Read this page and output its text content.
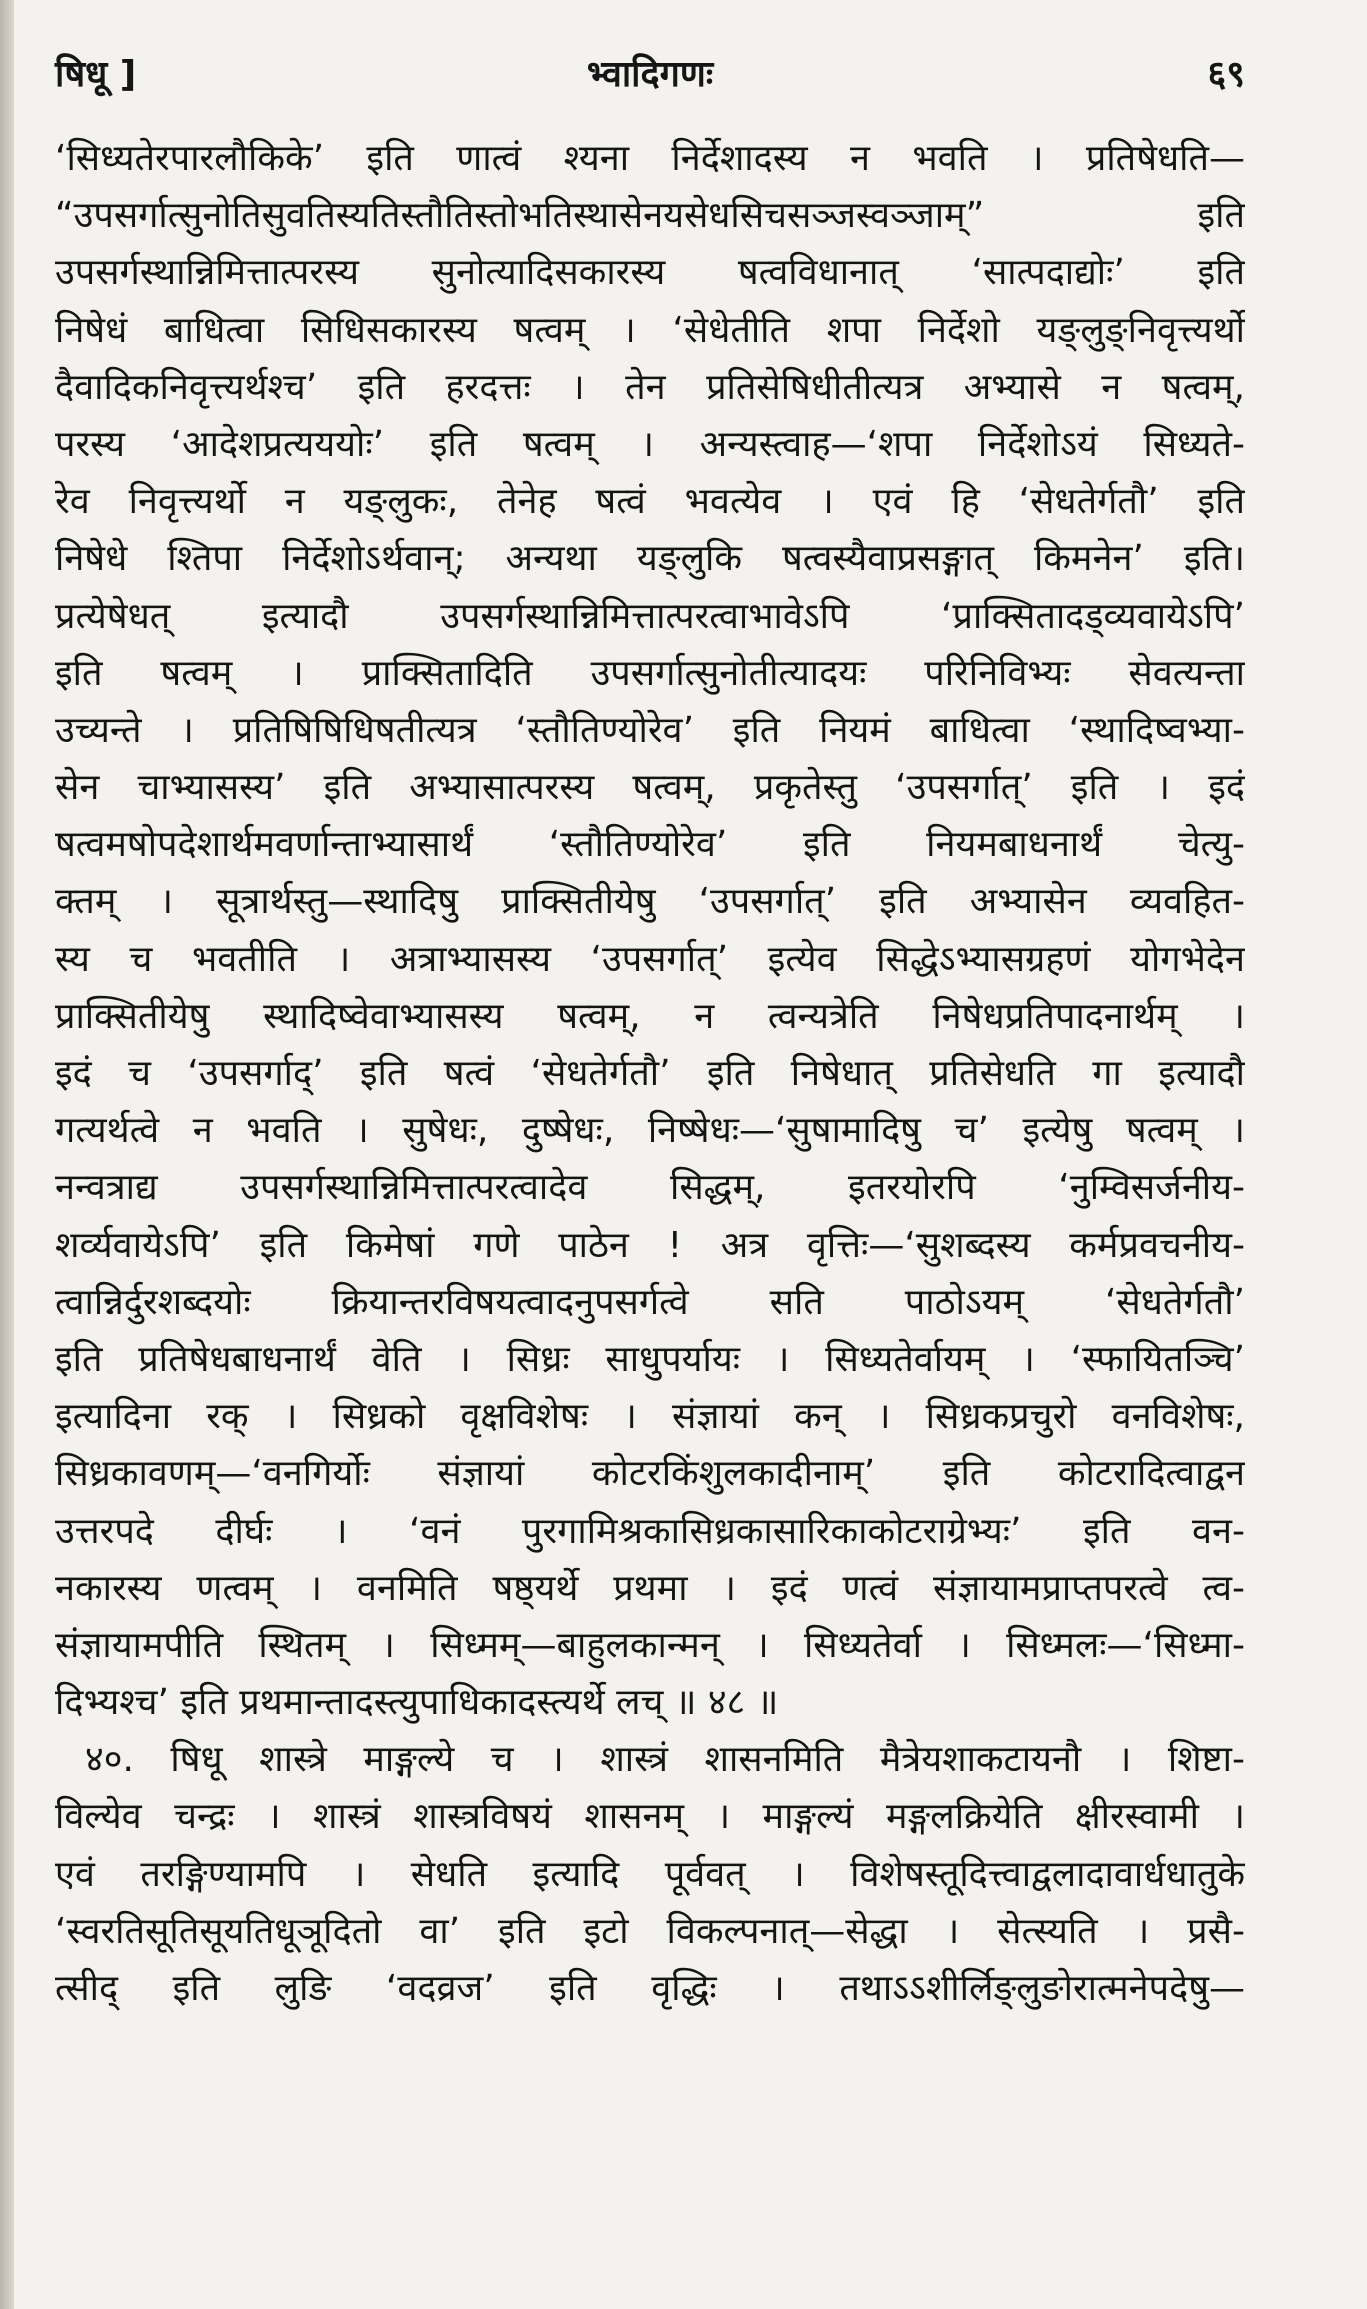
षिधू ]	भ्वादिगणः	६९
‘सिध्यतेरपारलौकिके’ इति णात्वं श्यना निर्देशादस्य न भवति । प्रतिषेधति—
“उपसर्गात्सुनोतिसुवतिस्यतिस्तौतिस्तोभतिस्थासेनयसेधसिचसञ्जस्वञ्जाम्” इति
उपसर्गस्थान्निमित्तात्परस्य सुनोत्यादिसकारस्य षत्वविधानात् ‘सात्पदाद्योः’ इति
निषेधं बाधित्वा सिधिसकारस्य षत्वम् । ‘सेधेतीति शपा निर्देशो यङ्लुङ्निवृत्त्यर्थो
दैवादिकनिवृत्त्यर्थश्च’ इति हरदत्तः । तेन प्रतिसेषिधीतीत्यत्र अभ्यासे न षत्वम्,
परस्य ‘आदेशप्रत्यययोः’ इति षत्वम् । अन्यस्त्वाह—‘शपा निर्देशोऽयं सिध्यते-
रेव निवृत्त्यर्थो न यङ्लुकः, तेनेह षत्वं भवत्येव । एवं हि ‘सेधतेर्गतौ’ इति
निषेधे श्तिपा निर्देशोऽर्थवान्; अन्यथा यङ्लुकि षत्वस्यैवाप्रसङ्गात् किमनेन’ इति।
प्रत्येषेधत् इत्यादौ उपसर्गस्थान्निमित्तात्परत्वाभावेऽपि ‘प्राक्सितादड्व्यवायेऽपि’
इति षत्वम् । प्राक्सितादिति उपसर्गात्सुनोतीत्यादयः परिनिविभ्यः सेवत्यन्ता
उच्यन्ते । प्रतिषिषिधिषतीत्यत्र ‘स्तौतिण्योरेव’ इति नियमं बाधित्वा ‘स्थादिष्वभ्या-
सेन चाभ्यासस्य’ इति अभ्यासात्परस्य षत्वम्, प्रकृतेस्तु ‘उपसर्गात्’ इति । इदं
षत्वमषोपदेशार्थमवर्णान्ताभ्यासार्थं ‘स्तौतिण्योरेव’ इति नियमबाधनार्थं चेत्यु-
क्तम् । सूत्रार्थस्तु—स्थादिषु प्राक्सितीयेषु ‘उपसर्गात्’ इति अभ्यासेन व्यवहित-
स्य च भवतीति । अत्राभ्यासस्य ‘उपसर्गात्’ इत्येव सिद्धेऽभ्यासग्रहणं योगभेदेन
प्राक्सितीयेषु स्थादिष्वेवाभ्यासस्य षत्वम्, न त्वन्यत्रेति निषेधप्रतिपादनार्थम् ।
इदं च ‘उपसर्गाद्’ इति षत्वं ‘सेधतेर्गतौ’ इति निषेधात् प्रतिसेधति गा इत्यादौ
गत्यर्थत्वे न भवति । सुषेधः, दुष्षेधः, निष्षेधः—‘सुषामादिषु च’ इत्येषु षत्वम् ।
नन्वत्राद्य उपसर्गस्थान्निमित्तात्परत्वादेव सिद्धम्, इतरयोरपि ‘नुम्विसर्जनीय-
शर्व्यवायेऽपि’ इति किमेषां गणे पाठेन ! अत्र वृत्तिः—‘सुशब्दस्य कर्मप्रवचनीय-
त्वान्निर्दुरशब्दयोः क्रियान्तरविषयत्वादनुपसर्गत्वे सति पाठोऽयम् ‘सेधतेर्गतौ’
इति प्रतिषेधबाधनार्थं वेति । सिध्रः साधुपर्यायः । सिध्यतेर्वायम् । ‘स्फायितञ्चि’
इत्यादिना रक् । सिध्रको वृक्षविशेषः । संज्ञायां कन् । सिध्रकप्रचुरो वनविशेषः,
सिध्रकावणम्—‘वनगिर्योः संज्ञायां कोटरकिंशुलकादीनाम्’ इति कोटरादित्वाद्वन
उत्तरपदे दीर्घः । ‘वनं पुरगामिश्रकासिध्रकासारिकाकोटराग्रेभ्यः’ इति वन-
नकारस्य णत्वम् । वनमिति षष्ठ्यर्थे प्रथमा । इदं णत्वं संज्ञायामप्राप्तपरत्वे त्व-
संज्ञायामपीति स्थितम् । सिध्मम्—बाहुलकान्मन् । सिध्यतेर्वा । सिध्मलः—‘सिध्मा-
दिभ्यश्च’ इति प्रथमान्तादस्त्युपाधिकादस्त्यर्थे लच् ॥ ४८ ॥
४०. षिधू शास्त्रे माङ्गल्ये च । शास्त्रं शासनमिति मैत्रेयशाकटायनौ । शिष्टा-
विल्येव चन्द्रः । शास्त्रं शास्त्रविषयं शासनम् । माङ्गल्यं मङ्गलक्रियेति क्षीरस्वामी ।
एवं तरङ्गिण्यामपि । सेधति इत्यादि पूर्ववत् । विशेषस्तूदित्त्वाद्वलादावार्धधातुके
‘स्वरतिसूतिसूयतिधूञूदितो वा’ इति इटो विकल्पनात्—सेद्धा । सेत्स्यति । प्रसै-
त्सीद् इति लुङि ‘वदव्रज’ इति वृद्धिः । तथाऽऽशीर्लिङ्लुङोरात्मनेपदेषु—
